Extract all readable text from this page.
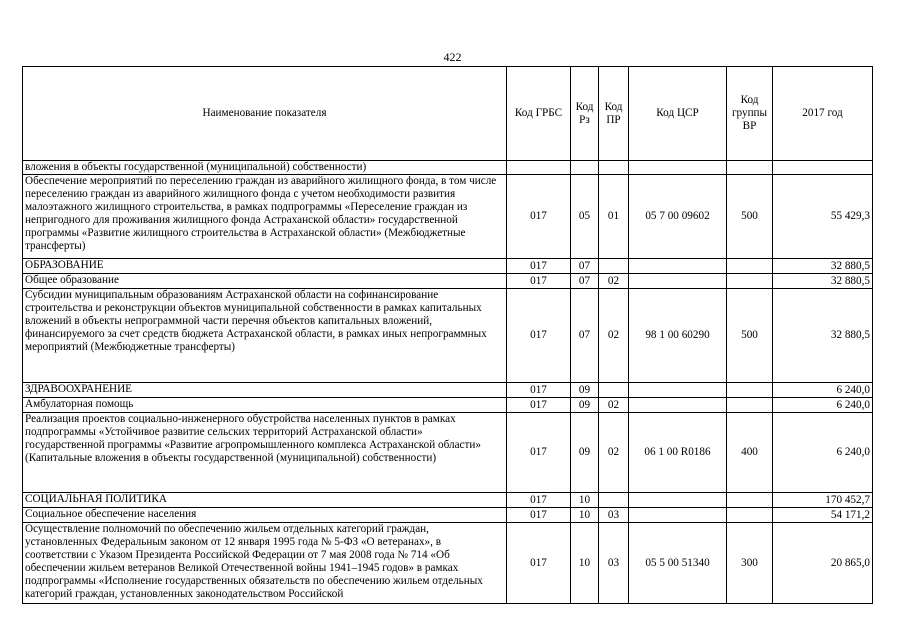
422
Наименование показателя	Код ГРБС	Код Рз	Код ПР	Код ЦСР	Код группы ВР	2017 год
вложения в объекты государственной (муниципальной) собственности)						
Обеспечение мероприятий по переселению граждан из аварийного жилищного фонда, в том числе переселению граждан из аварийного жилищного фонда с учетом необходимости развития малоэтажного жилищного строительства, в рамках подпрограммы «Переселение граждан из непригодного для проживания жилищного фонда Астраханской области» государственной программы «Развитие жилищного строительства в Астраханской области» (Межбюджетные трансферты)	017	05	01	05 7 00 09602	500	55 429,3
ОБРАЗОВАНИЕ	017	07				32 880,5
Общее образование	017	07	02			32 880,5
Субсидии муниципальным образованиям Астраханской области на софинансирование строительства и реконструкции объектов муниципальной собственности в рамках капитальных вложений в объекты непрограммной части перечня объектов капитальных вложений, финансируемого за счет средств бюджета Астраханской области, в рамках иных непрограммных мероприятий (Межбюджетные трансферты)	017	07	02	98 1 00 60290	500	32 880,5
ЗДРАВООХРАНЕНИЕ	017	09				6 240,0
Амбулаторная помощь	017	09	02			6 240,0
Реализация проектов социально-инженерного обустройства населенных пунктов в рамках подпрограммы «Устойчивое развитие сельских территорий Астраханской области» государственной программы «Развитие агропромышленного комплекса Астраханской области» (Капитальные вложения в объекты государственной (муниципальной) собственности)	017	09	02	06 1 00 R0186	400	6 240,0
СОЦИАЛЬНАЯ ПОЛИТИКА	017	10				170 452,7
Социальное обеспечение населения	017	10	03			54 171,2
Осуществление полномочий по обеспечению жильем отдельных категорий граждан, установленных Федеральным законом от 12 января 1995 года № 5-ФЗ «О ветеранах», в соответствии с Указом Президента Российской Федерации от 7 мая 2008 года № 714 «Об обеспечении жильем ветеранов Великой Отечественной войны 1941–1945 годов» в рамках подпрограммы «Исполнение государственных обязательств по обеспечению жильем отдельных категорий граждан, установленных законодательством Российской	017	10	03	05 5 00 51340	300	20 865,0
